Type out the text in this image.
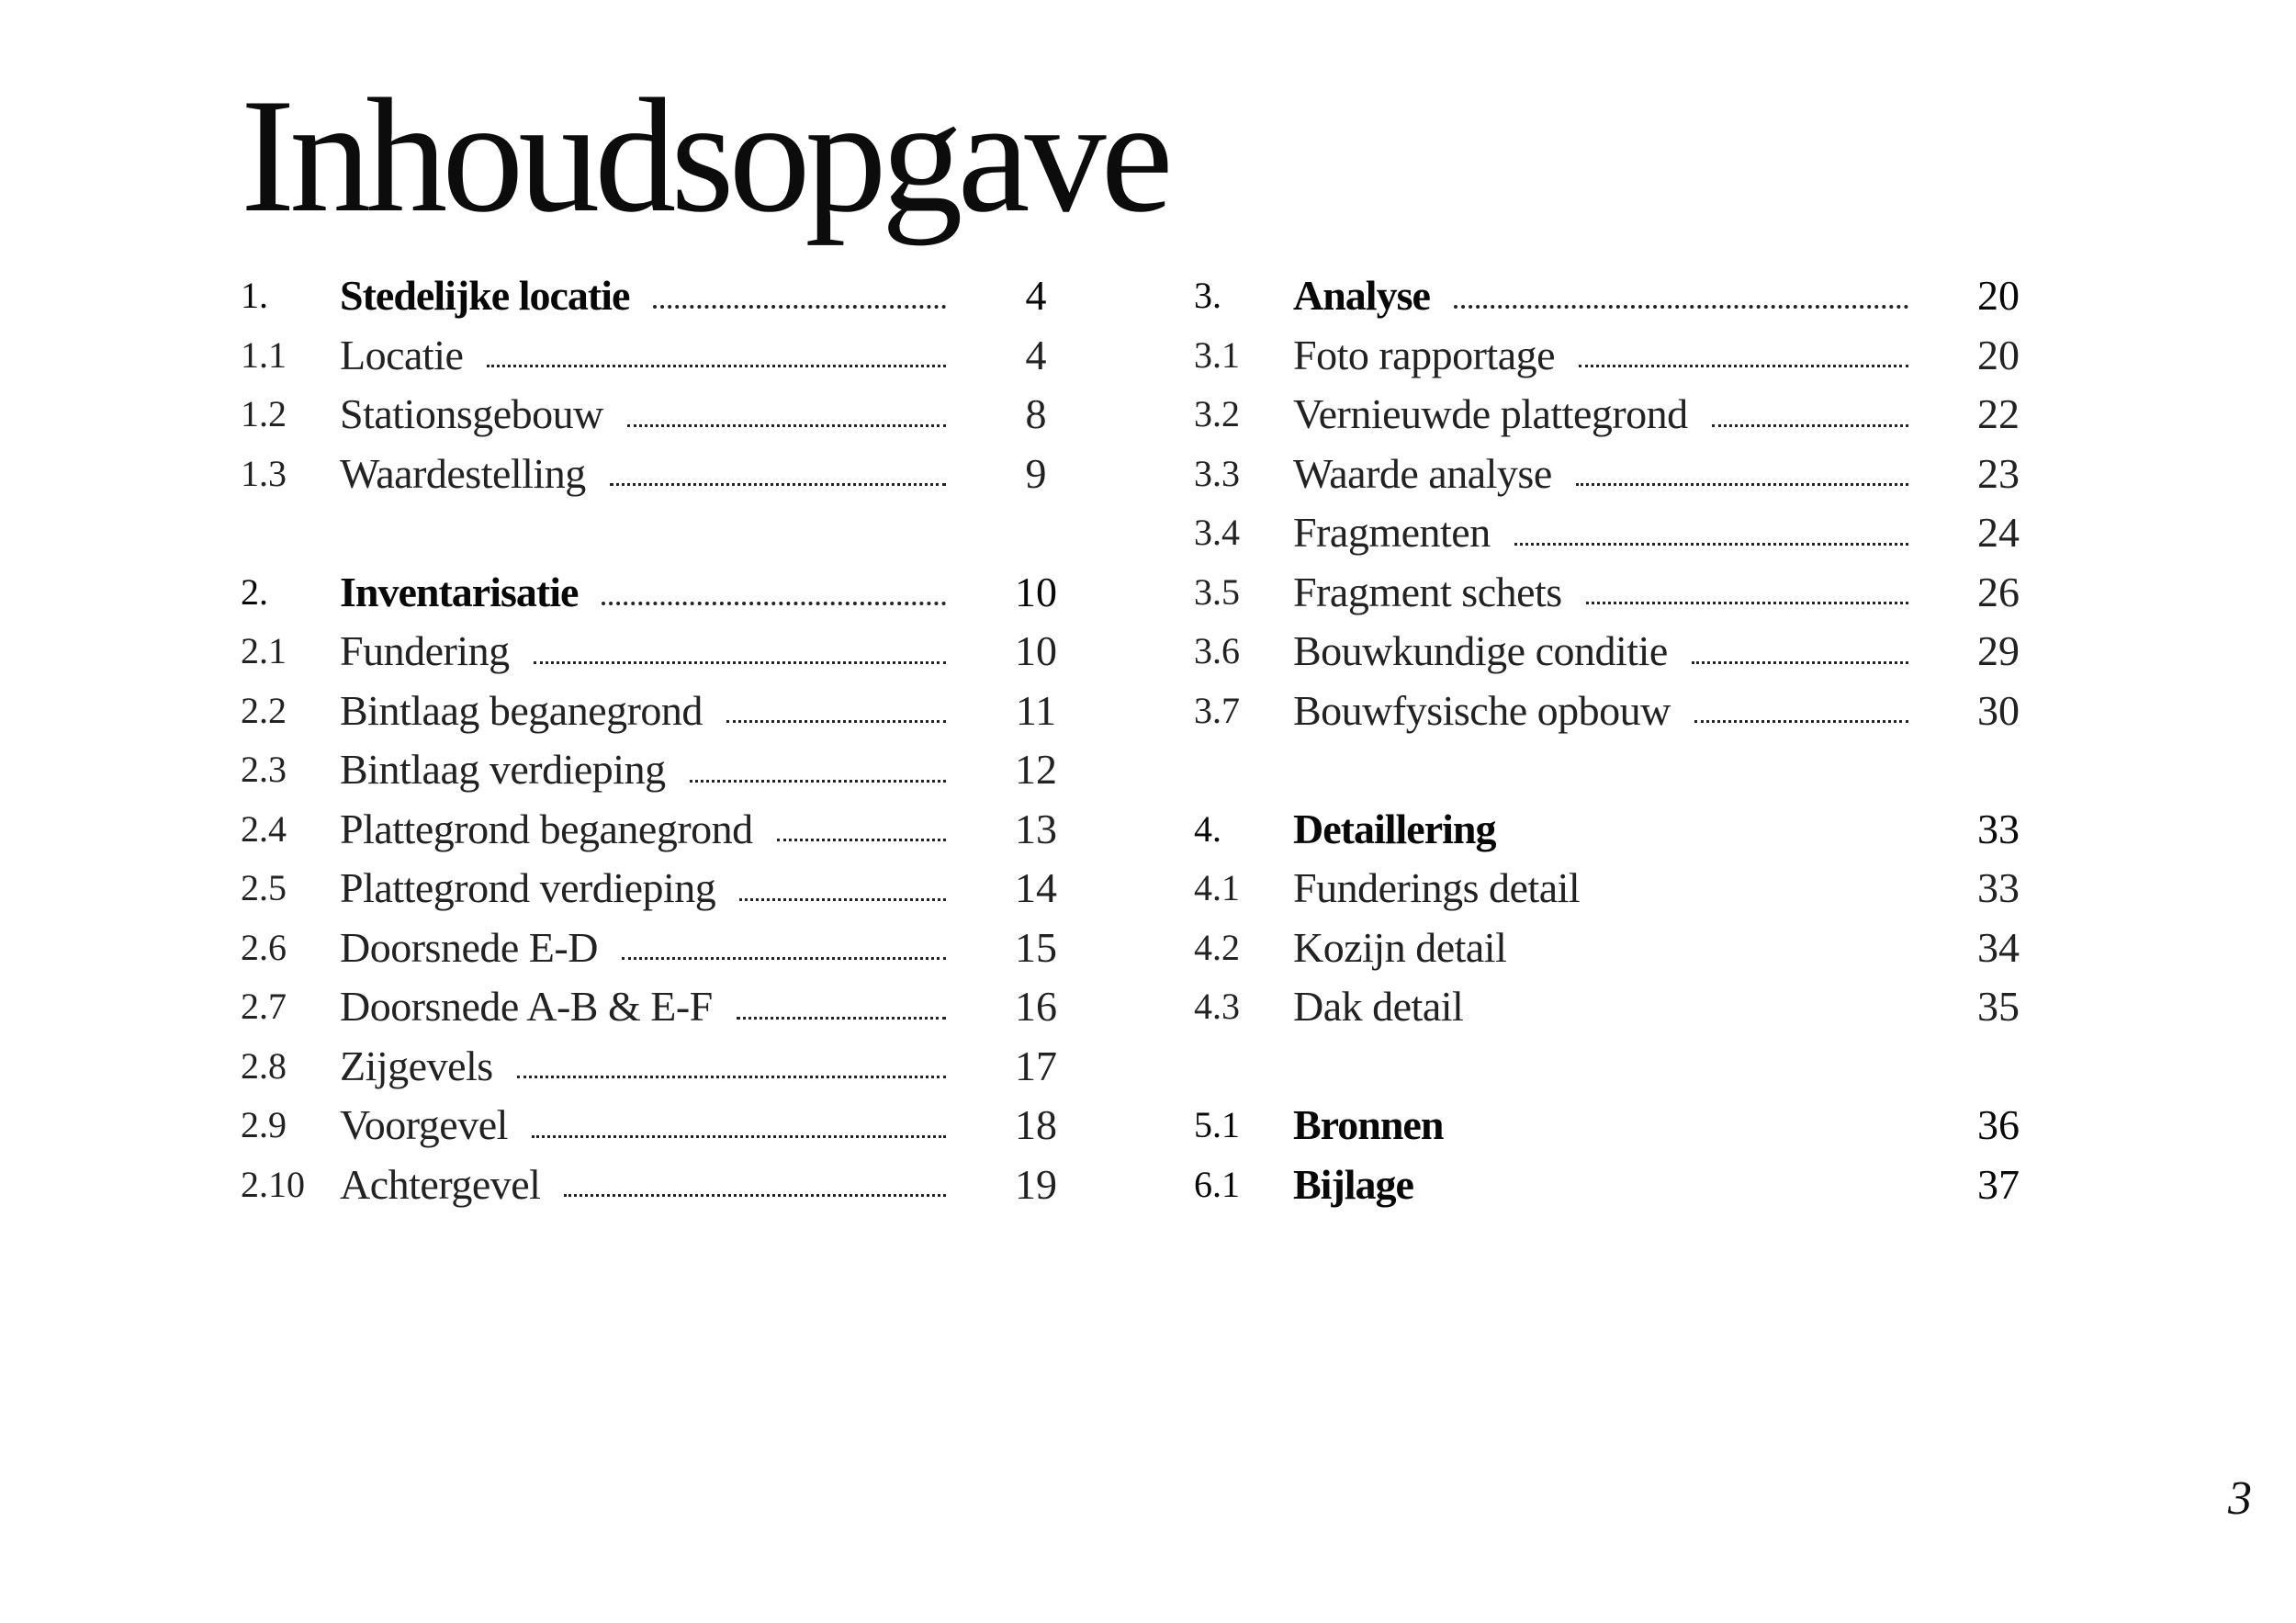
Inhoudsopgave
1.	Stedelijke locatie	4
1.1	Locatie	4
1.2	Stationsgebouw	8
1.3	Waardestelling	9
2.	Inventarisatie	10
2.1	Fundering	10
2.2	Bintlaag beganegrond	11
2.3	Bintlaag verdieping	12
2.4	Plattegrond beganegrond	13
2.5	Plattegrond verdieping	14
2.6	Doorsnede E-D	15
2.7	Doorsnede A-B & E-F	16
2.8	Zijgevels	17
2.9	Voorgevel	18
2.10 Achtergevel	19
3.	Analyse	20
3.1	Foto rapportage	20
3.2	Vernieuwde plattegrond	22
3.3	Waarde analyse	23
3.4	Fragmenten	24
3.5	Fragment schets	26
3.6	Bouwkundige conditie	29
3.7	Bouwfysische opbouw	30
4.	Detaillering	33
4.1	Funderings detail	33
4.2	Kozijn detail	34
4.3	Dak detail	35
5.1	Bronnen	36
6.1	Bijlage	37
3
